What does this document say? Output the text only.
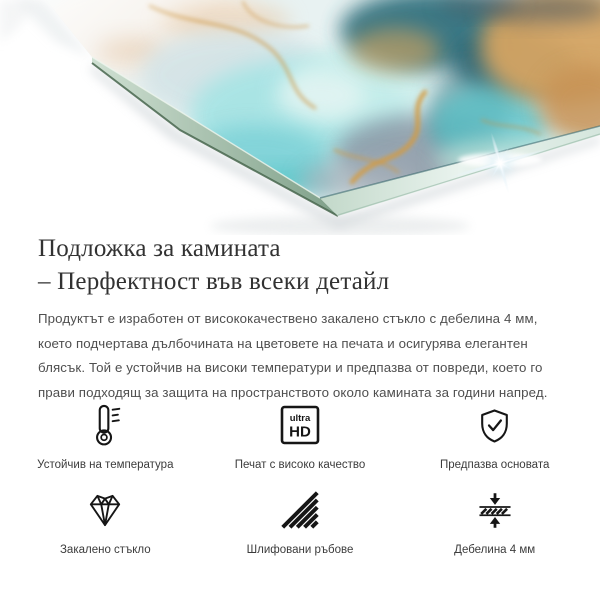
Подложка за камината
– Перфектност във всеки детайл

Продуктът е изработен от висококачествено закалено стъкло с дебелина 4 мм, което подчертава дълбочината на цветовете на печата и осигурява елегантен блясък. Той е устойчив на високи температури и предпазва от повреди, което го прави подходящ за защита на пространството около камината за години напред.

Устойчив на температура
ultra
HD
Печат с високо качество	Предпазва основата
Закалено стъкло	Шлифовани ръбове	Дебелина 4 мм
